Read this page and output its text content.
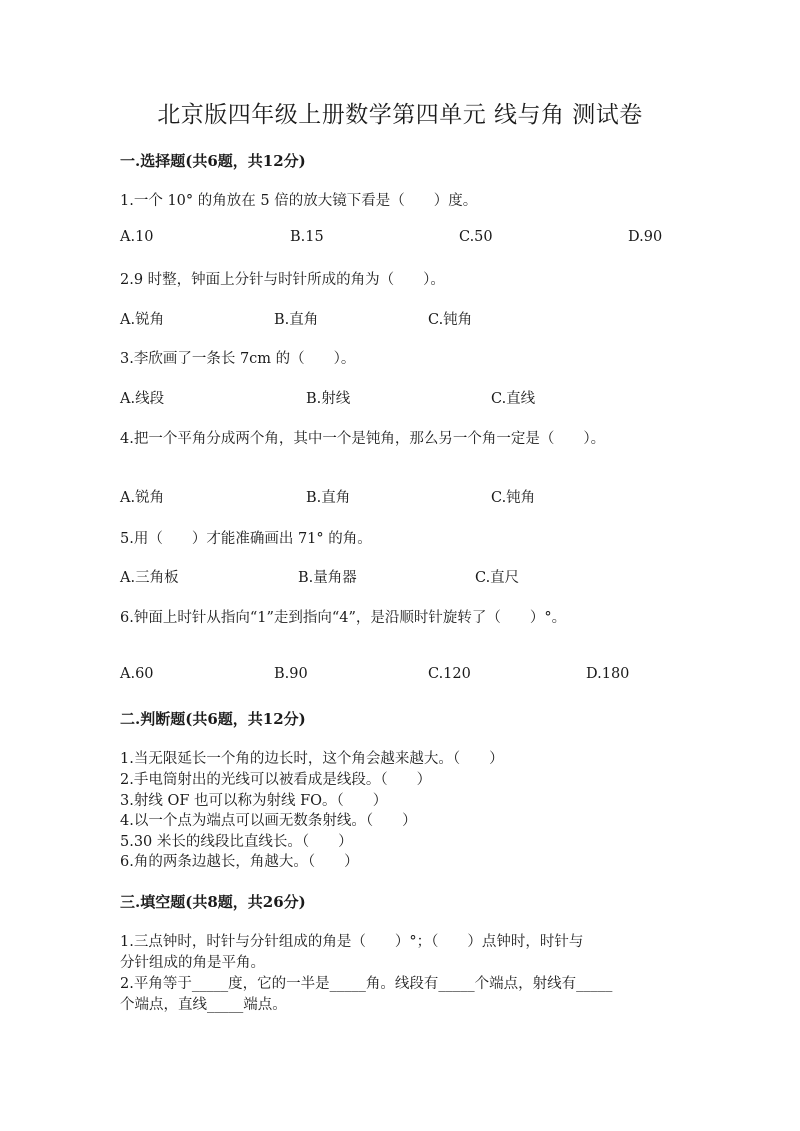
北京版四年级上册数学第四单元 线与角 测试卷
一.选择题(共6题，共12分)
1.一个 10° 的角放在 5 倍的放大镜下看是（　　）度。
A.10	B.15	C.50	D.90
2.9 时整，钟面上分针与时针所成的角为（　　）。
A.锐角	B.直角	C.钝角
3.李欣画了一条长 7cm 的（　　）。
A.线段	B.射线	C.直线
4.把一个平角分成两个角，其中一个是钝角，那么另一个角一定是（　　）。
A.锐角	B.直角	C.钝角
5.用（　　）才能准确画出 71° 的角。
A.三角板	B.量角器	C.直尺
6.钟面上时针从指向“1”走到指向“4”，是沿顺时针旋转了（　　）°。
A.60	B.90	C.120	D.180
二.判断题(共6题，共12分)
1.当无限延长一个角的边长时，这个角会越来越大。（　　）
2.手电筒射出的光线可以被看成是线段。（　　）
3.射线 OF 也可以称为射线 FO。（　　）
4.以一个点为端点可以画无数条射线。（　　）
5.30 米长的线段比直线长。（　　）
6.角的两条边越长，角越大。（　　）
三.填空题(共8题，共26分)
1.三点钟时，时针与分针组成的角是（　　）°；（　　）点钟时，时针与
分针组成的角是平角。
2.平角等于_____度，它的一半是_____角。线段有_____个端点，射线有_____
个端点，直线_____端点。
